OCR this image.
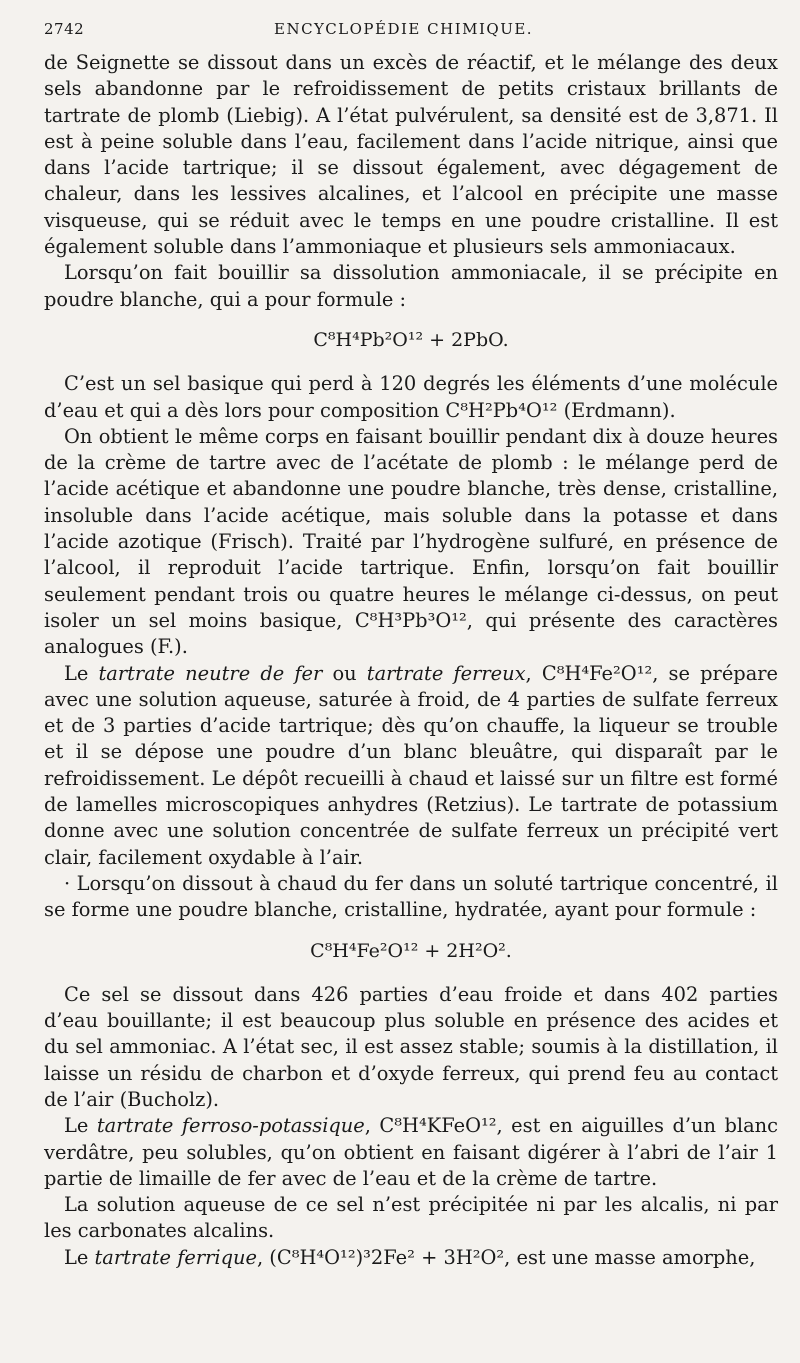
2742	ENCYCLOPÉDIE CHIMIQUE.

de Seignette se dissout dans un excès de réactif, et le mélange des deux sels abandonne par le refroidissement de petits cristaux brillants de tartrate de plomb (Liebig). A l’état pulvérulent, sa densité est de 3,871. Il est à peine soluble dans l’eau, facilement dans l’acide nitrique, ainsi que dans l’acide tartrique; il se dissout également, avec dégagement de chaleur, dans les lessives alcalines, et l’alcool en précipite une masse visqueuse, qui se réduit avec le temps en une poudre cristalline. Il est également soluble dans l’ammoniaque et plusieurs sels ammoniacaux.

Lorsqu’on fait bouillir sa dissolution ammoniacale, il se précipite en poudre blanche, qui a pour formule :

C⁸H⁴Pb²O¹² + 2PbO.

C’est un sel basique qui perd à 120 degrés les éléments d’une molécule d’eau et qui a dès lors pour composition C⁸H²Pb⁴O¹² (Erdmann).

On obtient le même corps en faisant bouillir pendant dix à douze heures de la crème de tartre avec de l’acétate de plomb : le mélange perd de l’acide acétique et abandonne une poudre blanche, très dense, cristalline, insoluble dans l’acide acétique, mais soluble dans la potasse et dans l’acide azotique (Frisch). Traité par l’hydrogène sulfuré, en présence de l’alcool, il reproduit l’acide tartrique. Enfin, lorsqu’on fait bouillir seulement pendant trois ou quatre heures le mélange ci-dessus, on peut isoler un sel moins basique, C⁸H³Pb³O¹², qui présente des caractères analogues (F.).

Le tartrate neutre de fer ou tartrate ferreux, C⁸H⁴Fe²O¹², se prépare avec une solution aqueuse, saturée à froid, de 4 parties de sulfate ferreux et de 3 parties d’acide tartrique; dès qu’on chauffe, la liqueur se trouble et il se dépose une poudre d’un blanc bleuâtre, qui disparaît par le refroidissement. Le dépôt recueilli à chaud et laissé sur un filtre est formé de lamelles microscopiques anhydres (Retzius). Le tartrate de potassium donne avec une solution concentrée de sulfate ferreux un précipité vert clair, facilement oxydable à l’air.

· Lorsqu’on dissout à chaud du fer dans un soluté tartrique concentré, il se forme une poudre blanche, cristalline, hydratée, ayant pour formule :

C⁸H⁴Fe²O¹² + 2H²O².

Ce sel se dissout dans 426 parties d’eau froide et dans 402 parties d’eau bouillante; il est beaucoup plus soluble en présence des acides et du sel ammoniac. A l’état sec, il est assez stable; soumis à la distillation, il laisse un résidu de charbon et d’oxyde ferreux, qui prend feu au contact de l’air (Bucholz).

Le tartrate ferroso-potassique, C⁸H⁴KFeO¹², est en aiguilles d’un blanc verdâtre, peu solubles, qu’on obtient en faisant digérer à l’abri de l’air 1 partie de limaille de fer avec de l’eau et de la crème de tartre.

La solution aqueuse de ce sel n’est précipitée ni par les alcalis, ni par les carbonates alcalins.

Le tartrate ferrique, (C⁸H⁴O¹²)³2Fe² + 3H²O², est une masse amorphe,
